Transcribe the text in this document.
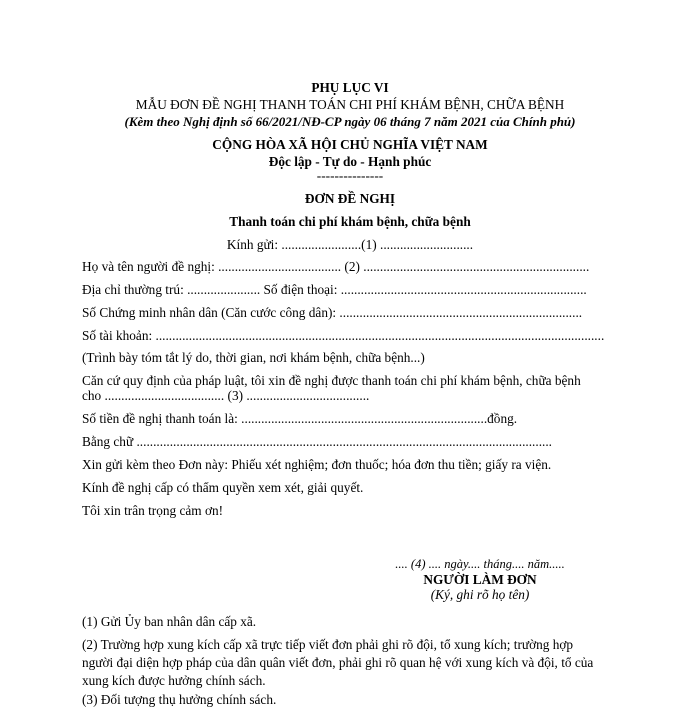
PHỤ LỤC VI
MẪU ĐƠN ĐỀ NGHỊ THANH TOÁN CHI PHÍ KHÁM BỆNH, CHỮA BỆNH
(Kèm theo Nghị định số 66/2021/NĐ-CP ngày 06 tháng 7 năm 2021 của Chính phủ)
CỘNG HÒA XÃ HỘI CHỦ NGHĨA VIỆT NAM
Độc lập - Tự do - Hạnh phúc
---------------
ĐƠN ĐỀ NGHỊ
Thanh toán chi phí khám bệnh, chữa bệnh
Kính gửi: ........................(1) ............................
Họ và tên người đề nghị: ..................................... (2) ....................................................................
Địa chỉ thường trú: ...................... Số điện thoại: ..........................................................................
Số Chứng minh nhân dân (Căn cước công dân): .........................................................................
Số tài khoản: .......................................................................................................................................
(Trình bày tóm tắt lý do, thời gian, nơi khám bệnh, chữa bệnh...)
Căn cứ quy định của pháp luật, tôi xin đề nghị được thanh toán chi phí khám bệnh, chữa bệnh
cho .................................... (3) .....................................
Số tiền đề nghị thanh toán là: ..........................................................................đồng.
Bằng chữ .............................................................................................................................
Xin gửi kèm theo Đơn này: Phiếu xét nghiệm; đơn thuốc; hóa đơn thu tiền; giấy ra viện.
Kính đề nghị cấp có thẩm quyền xem xét, giải quyết.
Tôi xin trân trọng cảm ơn!
.... (4) .... ngày.... tháng.... năm.....
NGƯỜI LÀM ĐƠN
(Ký, ghi rõ họ tên)
(1) Gửi Ủy ban nhân dân cấp xã.
(2) Trường hợp xung kích cấp xã trực tiếp viết đơn phải ghi rõ đội, tổ xung kích; trường hợp
người đại diện hợp pháp của dân quân viết đơn, phải ghi rõ quan hệ với xung kích và đội, tổ của
xung kích được hưởng chính sách.
(3) Đối tượng thụ hưởng chính sách.
